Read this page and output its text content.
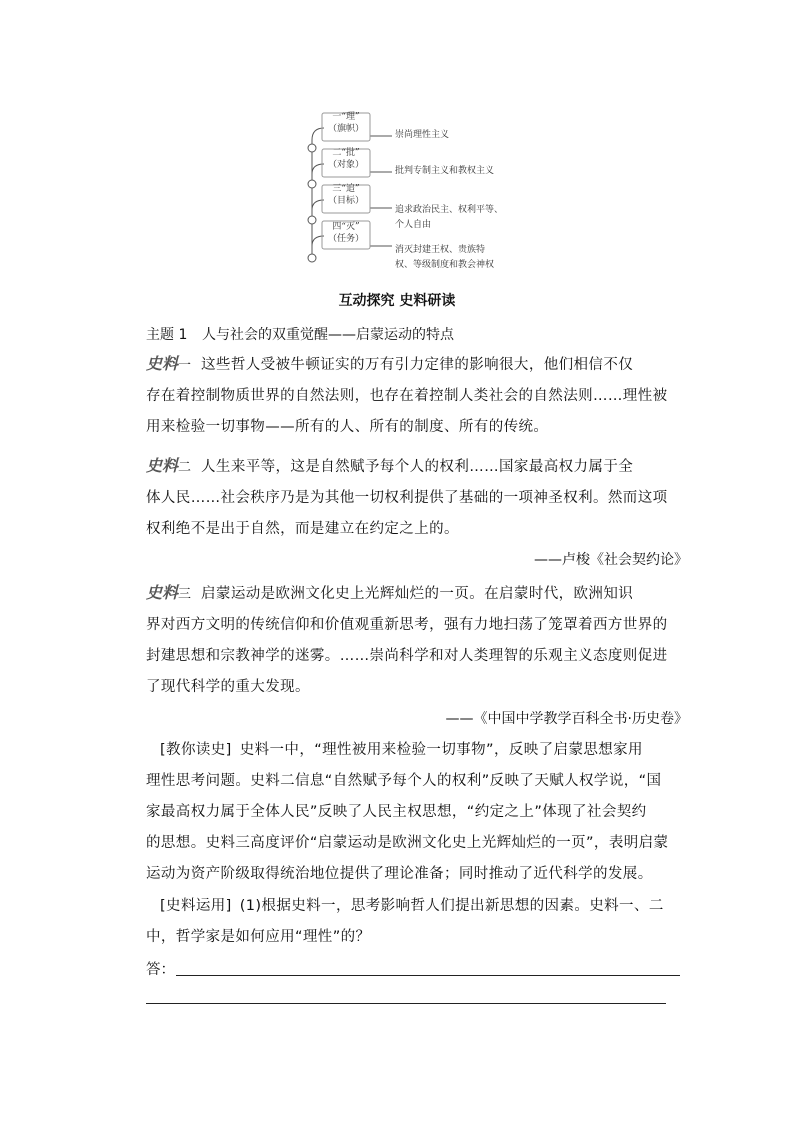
一“理”
（旗帜）
崇尚理性主义
二“批”
（对象）
批判专制主义和教权主义
三“追”
（目标）
追求政治民主、权利平等、
个人自由
四“灭”
（任务）
消灭封建王权、贵族特
权、等级制度和教会神权
互动探究 史料研读
主题 1 人与社会的双重觉醒——启蒙运动的特点
史料一 这些哲人受被牛顿证实的万有引力定律的影响很大，他们相信不仅
存在着控制物质世界的自然法则，也存在着控制人类社会的自然法则……理性被
用来检验一切事物——所有的人、所有的制度、所有的传统。
史料二 人生来平等，这是自然赋予每个人的权利……国家最高权力属于全
体人民……社会秩序乃是为其他一切权利提供了基础的一项神圣权利。然而这项
权利绝不是出于自然，而是建立在约定之上的。
——卢梭《社会契约论》
史料三 启蒙运动是欧洲文化史上光辉灿烂的一页。在启蒙时代，欧洲知识
界对西方文明的传统信仰和价值观重新思考，强有力地扫荡了笼罩着西方世界的
封建思想和宗教神学的迷雾。……崇尚科学和对人类理智的乐观主义态度则促进
了现代科学的重大发现。
——《中国中学教学百科全书·历史卷》
[教你读史] 史料一中，“理性被用来检验一切事物”，反映了启蒙思想家用
理性思考问题。史料二信息“自然赋予每个人的权利”反映了天赋人权学说，“国
家最高权力属于全体人民”反映了人民主权思想，“约定之上”体现了社会契约
的思想。史料三高度评价“启蒙运动是欧洲文化史上光辉灿烂的一页”，表明启蒙
运动为资产阶级取得统治地位提供了理论准备；同时推动了近代科学的发展。
[史料运用] (1)根据史料一，思考影响哲人们提出新思想的因素。史料一、二
中，哲学家是如何应用“理性”的？
答：
